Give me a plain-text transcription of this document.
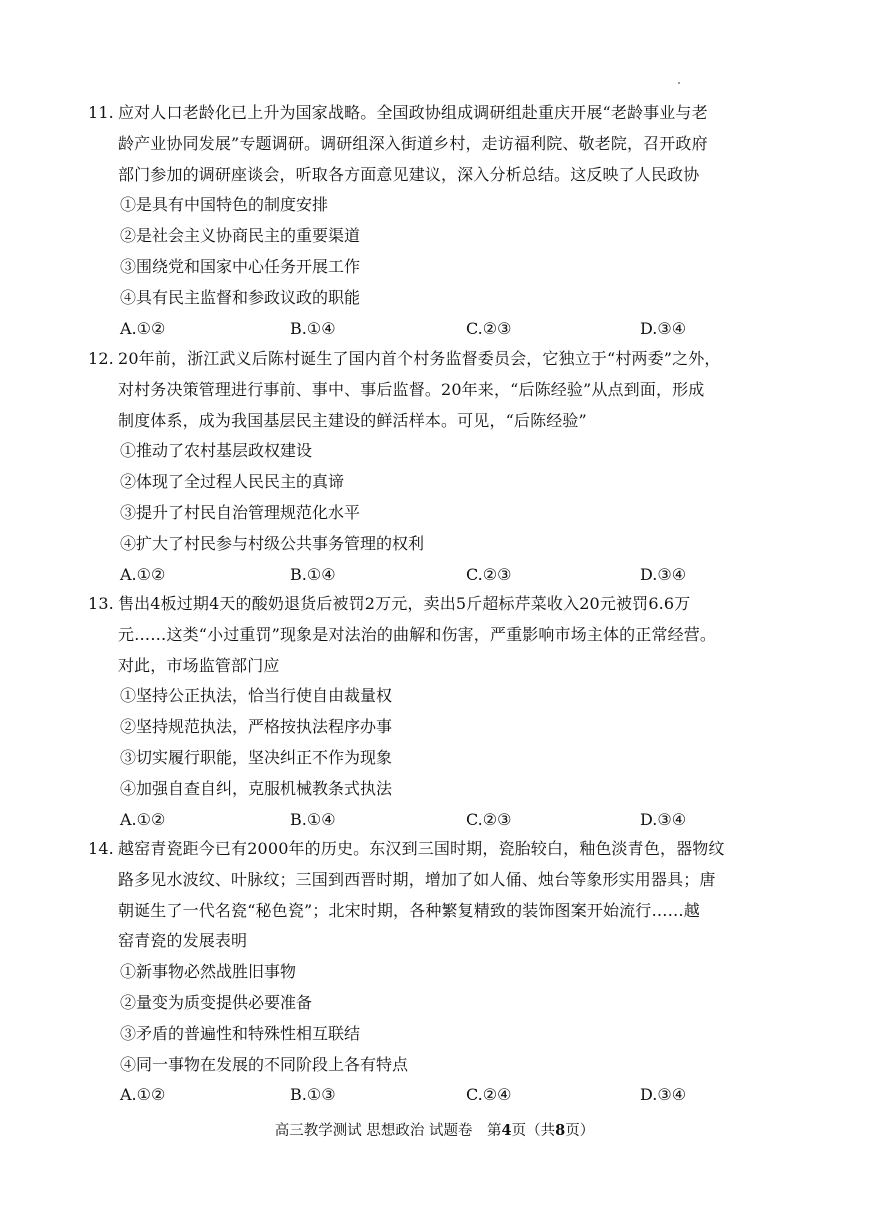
11. 应对人口老龄化已上升为国家战略。全国政协组成调研组赴重庆开展“老龄事业与老
龄产业协同发展”专题调研。调研组深入街道乡村，走访福利院、敬老院，召开政府
部门参加的调研座谈会，听取各方面意见建议，深入分析总结。这反映了人民政协
①是具有中国特色的制度安排
②是社会主义协商民主的重要渠道
③围绕党和国家中心任务开展工作
④具有民主监督和参政议政的职能
A.①②	B.①④	C.②③	D.③④
12. 20年前，浙江武义后陈村诞生了国内首个村务监督委员会，它独立于“村两委”之外，
对村务决策管理进行事前、事中、事后监督。20年来，“后陈经验”从点到面，形成
制度体系，成为我国基层民主建设的鲜活样本。可见，“后陈经验”
①推动了农村基层政权建设
②体现了全过程人民民主的真谛
③提升了村民自治管理规范化水平
④扩大了村民参与村级公共事务管理的权利
A.①②	B.①④	C.②③	D.③④
13. 售出4板过期4天的酸奶退货后被罚2万元，卖出5斤超标芹菜收入20元被罚6.6万
元……这类“小过重罚”现象是对法治的曲解和伤害，严重影响市场主体的正常经营。
对此，市场监管部门应
①坚持公正执法，恰当行使自由裁量权
②坚持规范执法，严格按执法程序办事
③切实履行职能，坚决纠正不作为现象
④加强自查自纠，克服机械教条式执法
A.①②	B.①④	C.②③	D.③④
14. 越窑青瓷距今已有2000年的历史。东汉到三国时期，瓷胎较白，釉色淡青色，器物纹
路多见水波纹、叶脉纹；三国到西晋时期，增加了如人俑、烛台等象形实用器具；唐
朝诞生了一代名瓷“秘色瓷”；北宋时期，各种繁复精致的装饰图案开始流行……越
窑青瓷的发展表明
①新事物必然战胜旧事物
②量变为质变提供必要准备
③矛盾的普遍性和特殊性相互联结
④同一事物在发展的不同阶段上各有特点
A.①②	B.①③	C.②④	D.③④
高三教学测试 思想政治 试题卷　第4页（共8页）
